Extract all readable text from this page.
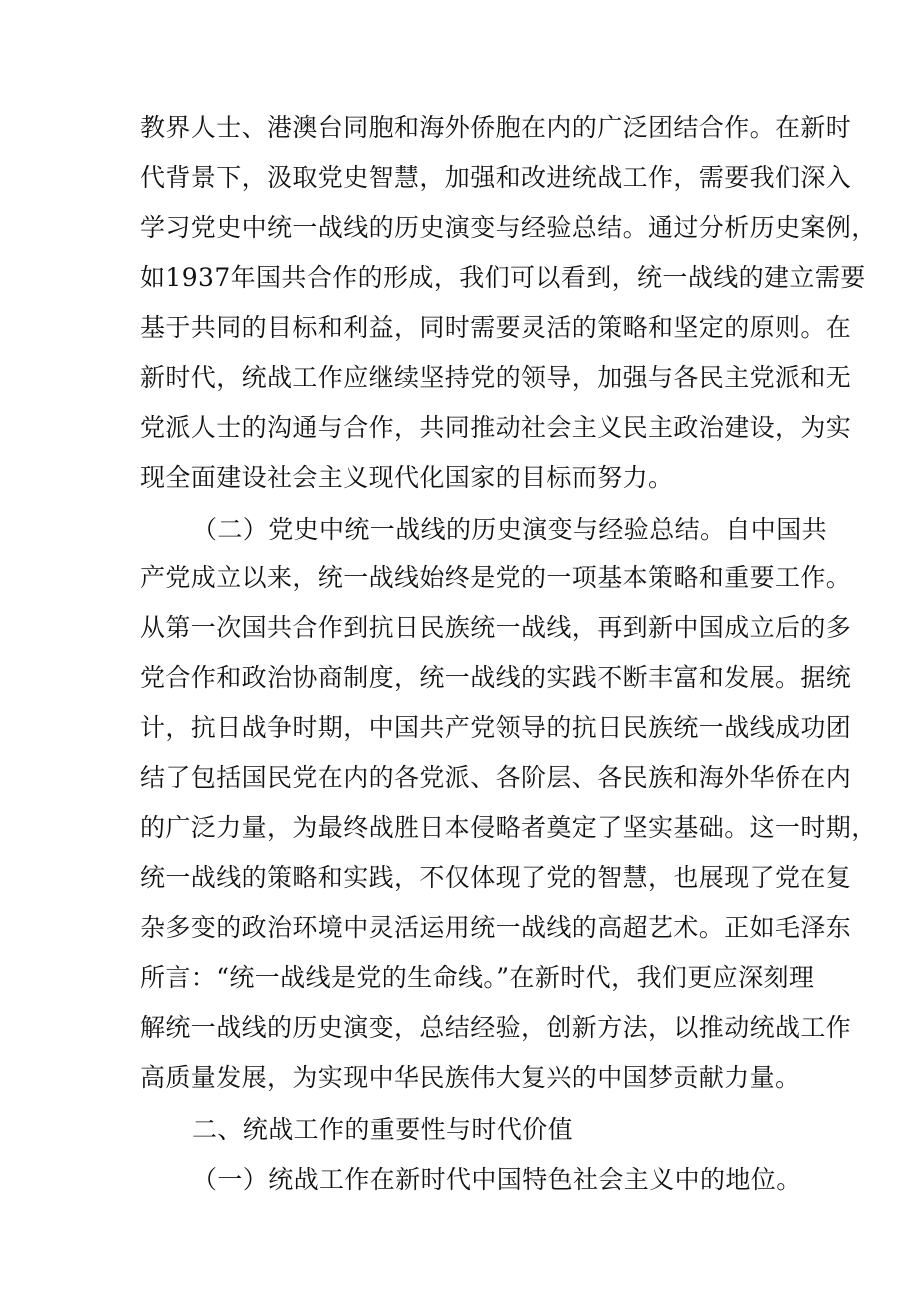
教界人士、港澳台同胞和海外侨胞在内的广泛团结合作。在新时
代背景下，汲取党史智慧，加强和改进统战工作，需要我们深入
学习党史中统一战线的历史演变与经验总结。通过分析历史案例，
如1937年国共合作的形成，我们可以看到，统一战线的建立需要
基于共同的目标和利益，同时需要灵活的策略和坚定的原则。在
新时代，统战工作应继续坚持党的领导，加强与各民主党派和无
党派人士的沟通与合作，共同推动社会主义民主政治建设，为实
现全面建设社会主义现代化国家的目标而努力。
（二）党史中统一战线的历史演变与经验总结。自中国共
产党成立以来，统一战线始终是党的一项基本策略和重要工作。
从第一次国共合作到抗日民族统一战线，再到新中国成立后的多
党合作和政治协商制度，统一战线的实践不断丰富和发展。据统
计，抗日战争时期，中国共产党领导的抗日民族统一战线成功团
结了包括国民党在内的各党派、各阶层、各民族和海外华侨在内
的广泛力量，为最终战胜日本侵略者奠定了坚实基础。这一时期，
统一战线的策略和实践，不仅体现了党的智慧，也展现了党在复
杂多变的政治环境中灵活运用统一战线的高超艺术。正如毛泽东
所言：“统一战线是党的生命线。”在新时代，我们更应深刻理
解统一战线的历史演变，总结经验，创新方法，以推动统战工作
高质量发展，为实现中华民族伟大复兴的中国梦贡献力量。
二、统战工作的重要性与时代价值
（一）统战工作在新时代中国特色社会主义中的地位。
